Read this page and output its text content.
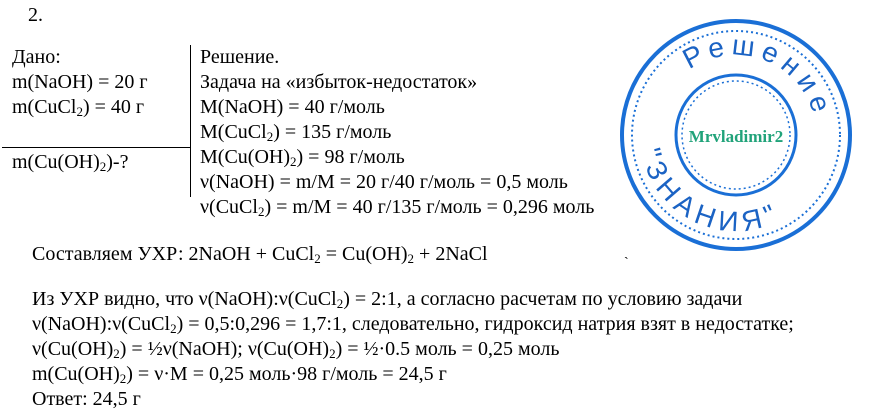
2.
Дано:
m(NaOH) = 20 г
m(CuCl$_2$) = 40 г
$m(Cu(OH)_2)-$?
Решение.
Задача на «избыток-недостаток»
M(NaOH) = 40 г/моль
M(CuCl$_2$) = 135 г/моль
$M(Cu(OH)_2) = 98$ г/моль
ν(NaOH) = m/M = 20 г/40 г/моль = 0,5 моль
ν(CuCl$_2$) = m/M = 40 г/135 г/моль = 0,296 моль
Решение
"ЗНАНИЯ"
Mrvladimir2
Составляем УХР: 2NaOH + CuCl$_2$ = $Cu(OH)_2$ + 2NaCl	ˏ
Из УХР видно, что ν(NaOH):ν(CuCl$_2$) = 2:1, а согласно расчетам по условию задачи
ν(NaOH):ν(CuCl$_2$) = 0,5:0,296 = 1,7:1, следовательно, гидроксид натрия взят в недостатке;
$\nu(Cu(OH)_2)$ = ½ν(NaOH); $\nu(Cu(OH)_2)$ = ½·0.5 моль = 0,25 моль
$m(Cu(OH)_2) = \nu\cdot M = 0,25$ моль·98 г/моль = 24,5 г
Ответ: 24,5 г
